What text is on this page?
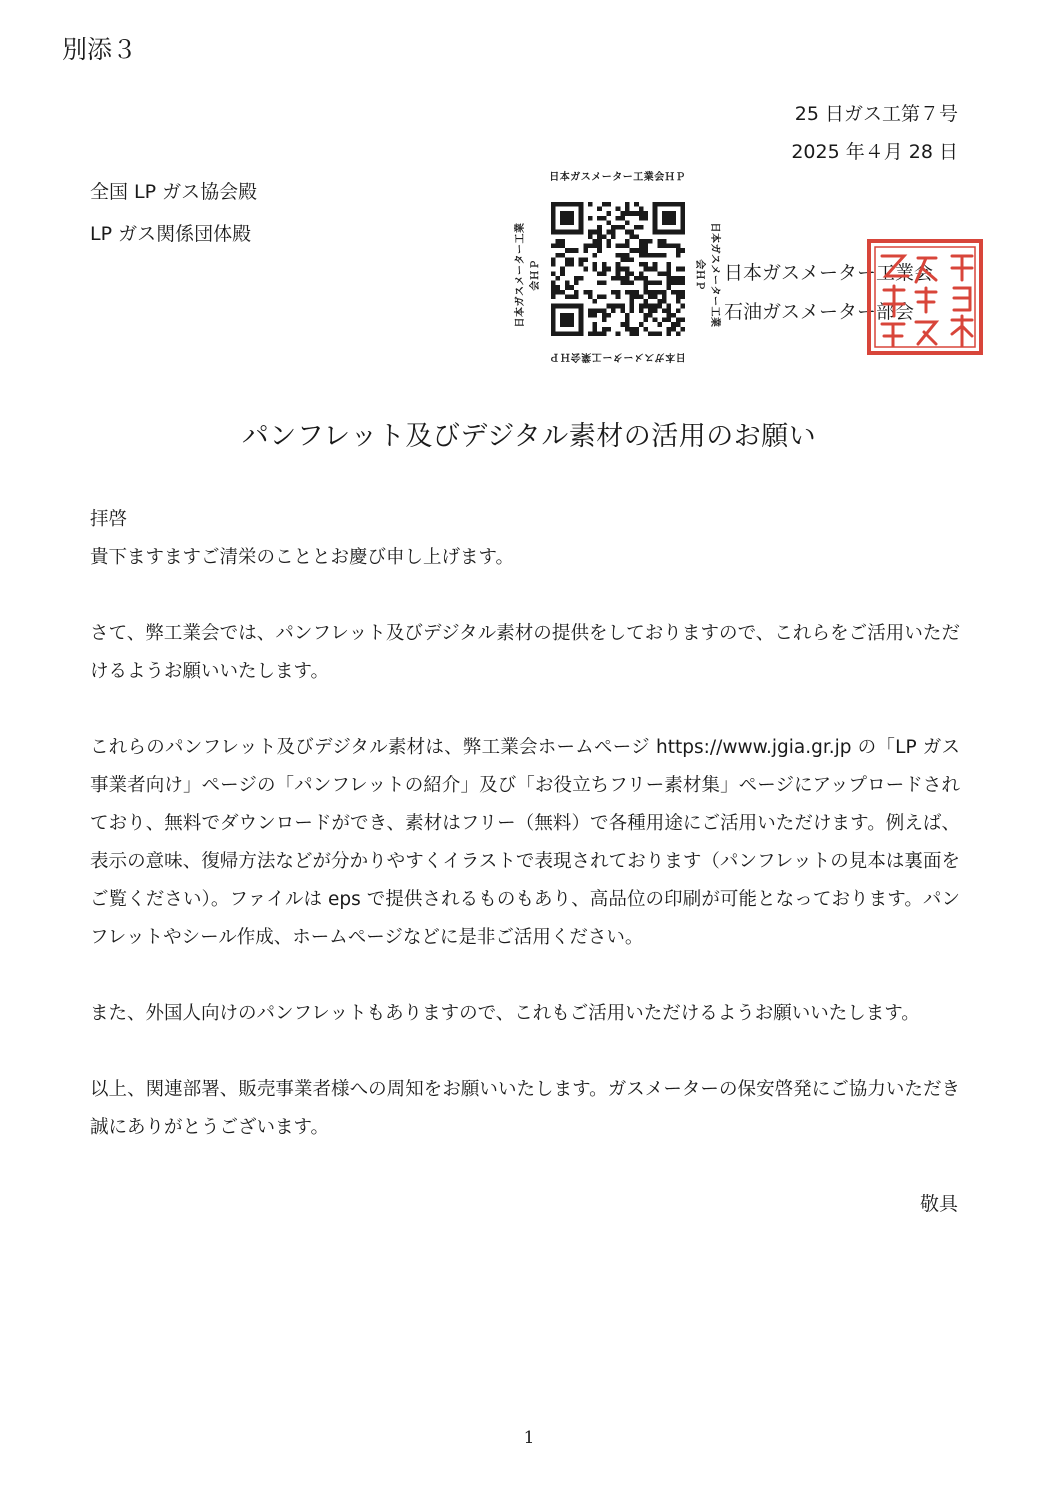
別添３
25 日ガス工第７号
2025 年４月 28 日
全国 LP ガス協会殿
LP ガス関係団体殿
日本ガスメーター工業会ＨＰ
日本ガスメーター工業会ＨＰ	日本ガスメーター工業会ＨＰ
日本ガスメーター工業会ＨＰ
日本ガスメーター工業会
石油ガスメーター部会
パンフレット及びデジタル素材の活用のお願い
拝啓
貴下ますますご清栄のこととお慶び申し上げます。
さて、弊工業会では、パンフレット及びデジタル素材の提供をしておりますので、これらをご活用いただけるようお願いいたします。
これらのパンフレット及びデジタル素材は、弊工業会ホームページ https://www.jgia.gr.jp の「LP ガス事業者向け」ページの「パンフレットの紹介」及び「お役立ちフリー素材集」ページにアップロードされており、無料でダウンロードができ、素材はフリー（無料）で各種用途にご活用いただけます。例えば、表示の意味、復帰方法などが分かりやすくイラストで表現されております（パンフレットの見本は裏面をご覧ください）。ファイルは eps で提供されるものもあり、高品位の印刷が可能となっております。パンフレットやシール作成、ホームページなどに是非ご活用ください。
また、外国人向けのパンフレットもありますので、これもご活用いただけるようお願いいたします。
以上、関連部署、販売事業者様への周知をお願いいたします。ガスメーターの保安啓発にご協力いただき誠にありがとうございます。
敬具
1
